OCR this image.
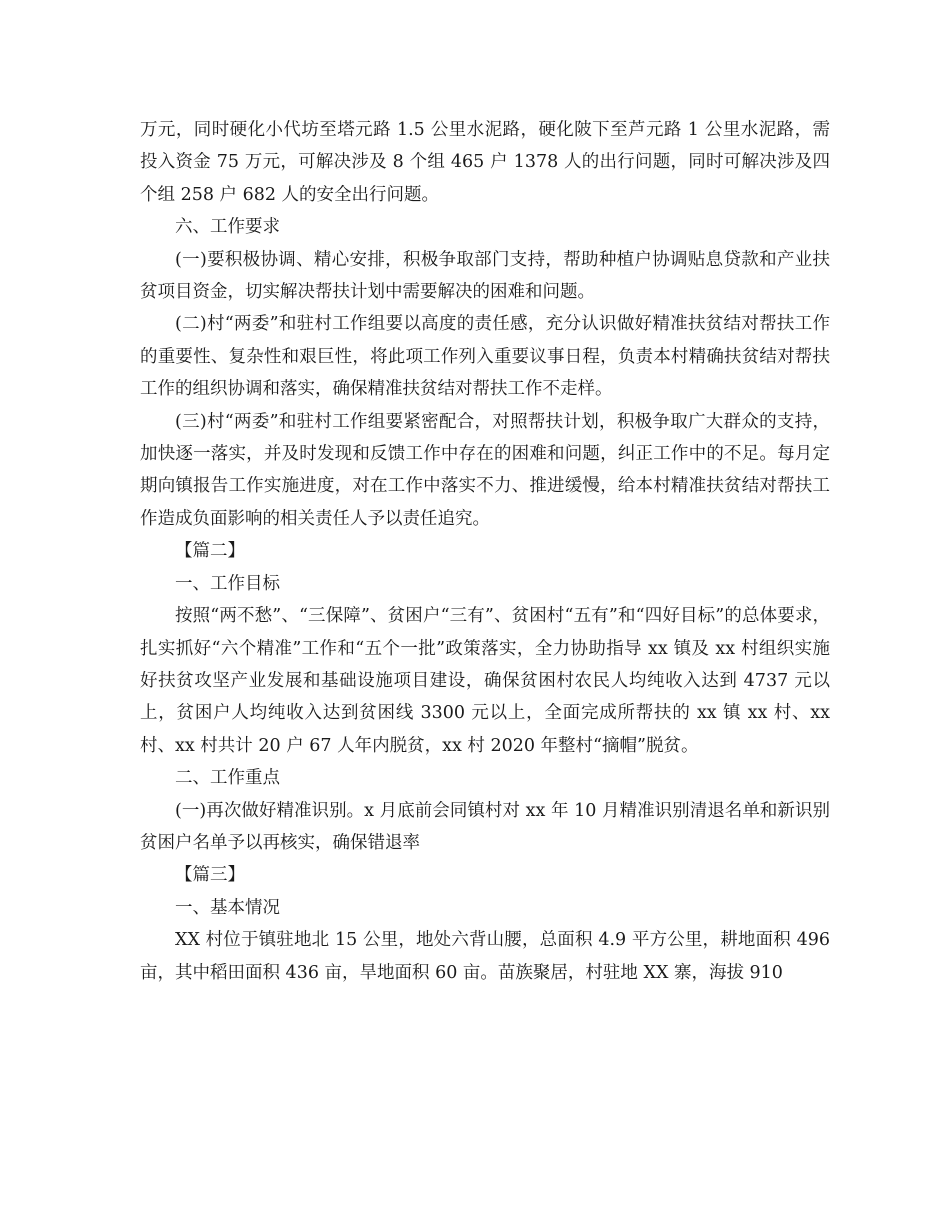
万元，同时硬化小代坊至塔元路 1.5 公里水泥路，硬化陂下至芦元路 1 公里水泥路，需投入资金 75 万元，可解决涉及 8 个组 465 户 1378 人的出行问题，同时可解决涉及四个组 258 户 682 人的安全出行问题。

六、工作要求

(一)要积极协调、精心安排，积极争取部门支持，帮助种植户协调贴息贷款和产业扶贫项目资金，切实解决帮扶计划中需要解决的困难和问题。

(二)村“两委”和驻村工作组要以高度的责任感，充分认识做好精准扶贫结对帮扶工作的重要性、复杂性和艰巨性，将此项工作列入重要议事日程，负责本村精确扶贫结对帮扶工作的组织协调和落实，确保精准扶贫结对帮扶工作不走样。

(三)村“两委”和驻村工作组要紧密配合，对照帮扶计划，积极争取广大群众的支持，加快逐一落实，并及时发现和反馈工作中存在的困难和问题，纠正工作中的不足。每月定期向镇报告工作实施进度，对在工作中落实不力、推进缓慢，给本村精准扶贫结对帮扶工作造成负面影响的相关责任人予以责任追究。

【篇二】

一、工作目标

按照“两不愁”、“三保障”、贫困户“三有”、贫困村“五有”和“四好目标”的总体要求，扎实抓好“六个精准”工作和“五个一批”政策落实，全力协助指导 xx 镇及 xx 村组织实施好扶贫攻坚产业发展和基础设施项目建设，确保贫困村农民人均纯收入达到 4737 元以上，贫困户人均纯收入达到贫困线 3300 元以上，全面完成所帮扶的 xx 镇 xx 村、xx 村、xx 村共计 20 户 67 人年内脱贫，xx 村 2020 年整村“摘帽”脱贫。

二、工作重点

(一)再次做好精准识别。x 月底前会同镇村对 xx 年 10 月精准识别清退名单和新识别贫困户名单予以再核实，确保错退率

【篇三】

一、基本情况

XX 村位于镇驻地北 15 公里，地处六背山腰，总面积 4.9 平方公里，耕地面积 496 亩，其中稻田面积 436 亩，旱地面积 60 亩。苗族聚居，村驻地 XX 寨，海拔 910
